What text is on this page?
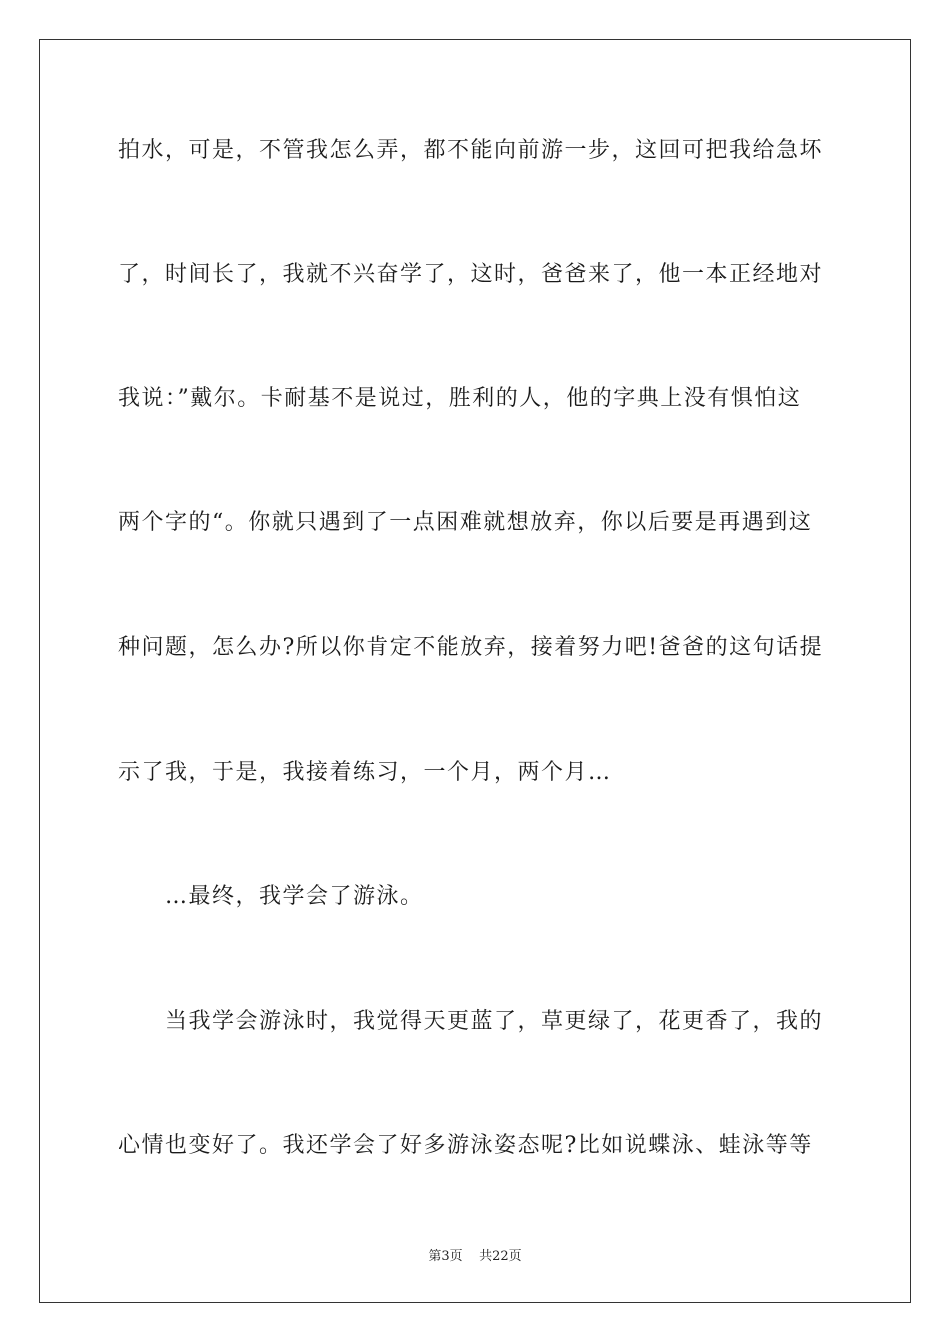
拍水，可是，不管我怎么弄，都不能向前游一步，这回可把我给急坏
了，时间长了，我就不兴奋学了，这时，爸爸来了，他一本正经地对
我说：”戴尔。卡耐基不是说过，胜利的人，他的字典上没有惧怕这
两个字的“。你就只遇到了一点困难就想放弃，你以后要是再遇到这
种问题，怎么办?所以你肯定不能放弃，接着努力吧!爸爸的这句话提
示了我，于是，我接着练习，一个月，两个月…
　　…最终，我学会了游泳。
　　当我学会游泳时，我觉得天更蓝了，草更绿了，花更香了，我的
心情也变好了。我还学会了好多游泳姿态呢?比如说蝶泳、蛙泳等等
第3页 共22页
